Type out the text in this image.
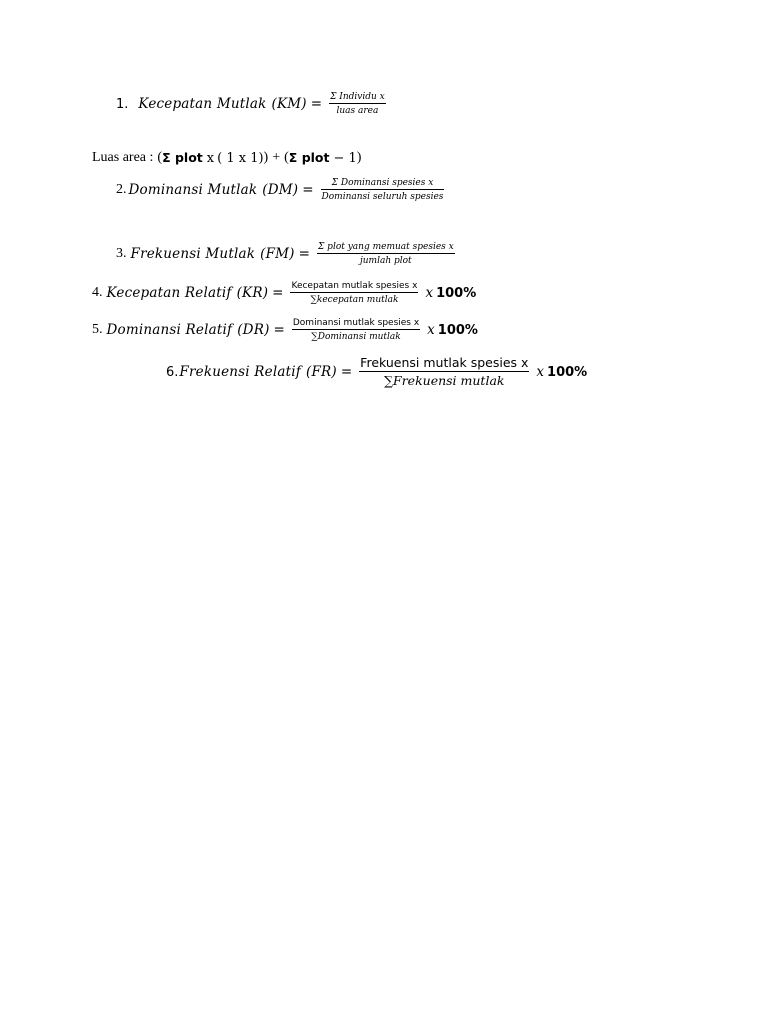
1. Kecepatan Mutlak $(KM) = \frac{\text{Σ Individu x}}{\text{luas area}}$
Luas area : ( Σ plot x ( 1 x 1) ) + ( Σ plot − 1 )
2. Dominansi Mutlak $(DM) = \frac{\text{Σ Dominansi spesies x}}{\text{Dominansi seluruh spesies}}$
3. Frekuensi Mutlak $(FM) = \frac{\text{Σ plot yang memuat spesies x}}{\text{jumlah plot}}$
4. Kecepatan Relatif $(KR) = \frac{\text{Kecepatan mutlak spesies x}}{\text{∑kecepatan mutlak}}$ x 100%
5. Dominansi Relatif $(DR) = \frac{\text{Dominansi mutlak spesies x}}{\text{∑Dominansi mutlak}}$ x 100%
6. Frekuensi Relatif $(FR) = \frac{\text{Frekuensi mutlak spesies x}}{\text{∑Frekuensi mutlak}}$ x 100%
